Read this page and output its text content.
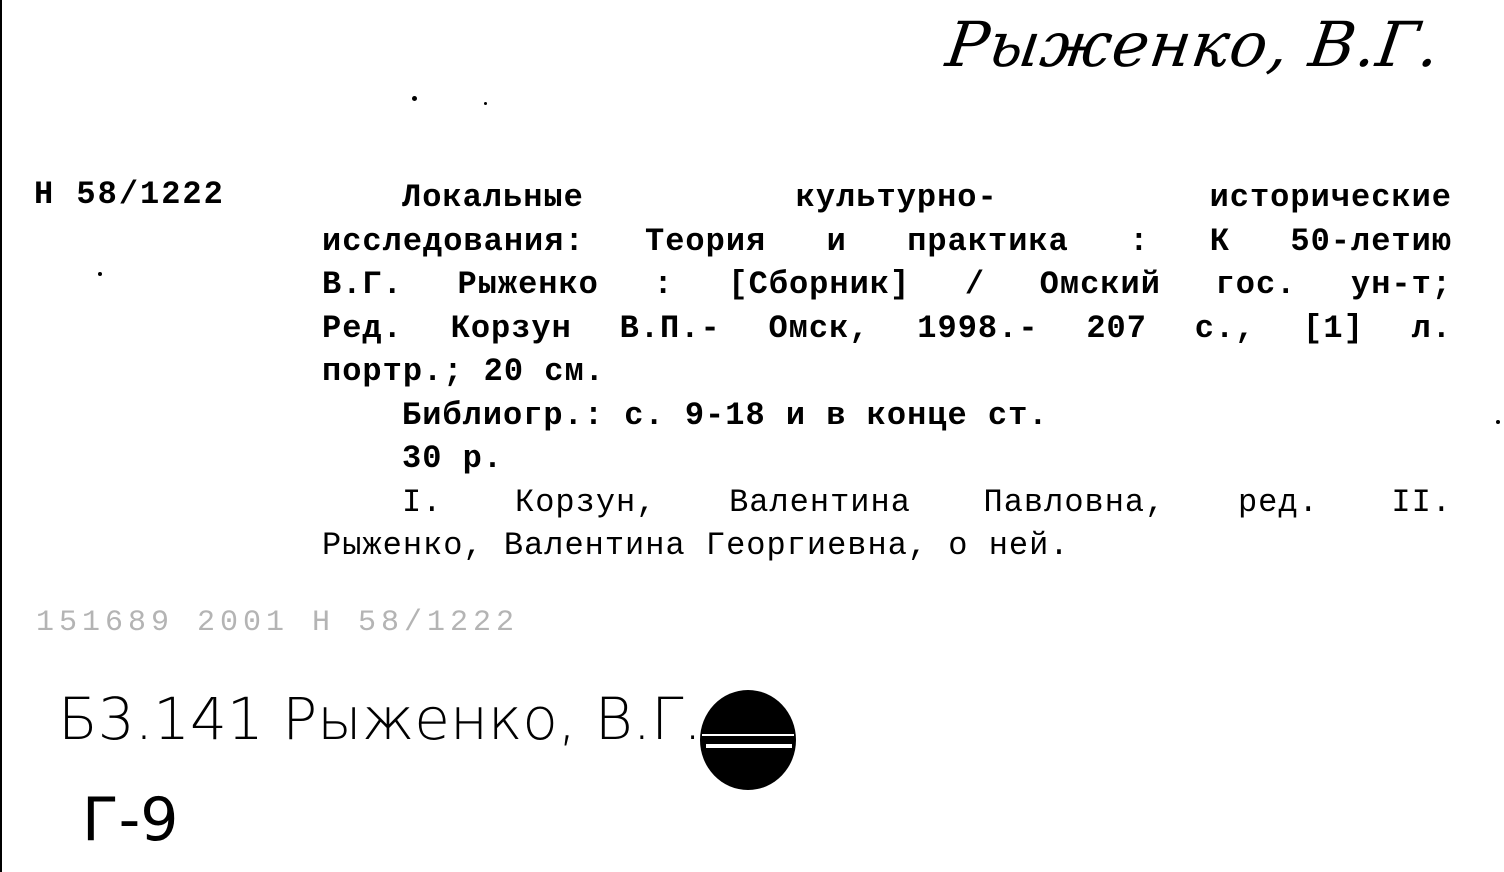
Рыженко, В.Г.
Н 58/1222	Локальные культурно- исторические

исследования: Теория и практика : К 50-летию

В.Г. Рыженко : [Сборник] / Омский гос. ун-т;

Ред. Корзун В.П.- Омск, 1998.- 207 с., [1] л.

портр.; 20 см.

Библиогр.: с. 9-18 и в конце ст.

30 р.

I. Корзун, Валентина Павловна, ред. II.

Рыженко, Валентина Георгиевна, о ней.

151689 2001 Н 58/1222
Б3.141 Рыженко, В.Г.
Г-9
